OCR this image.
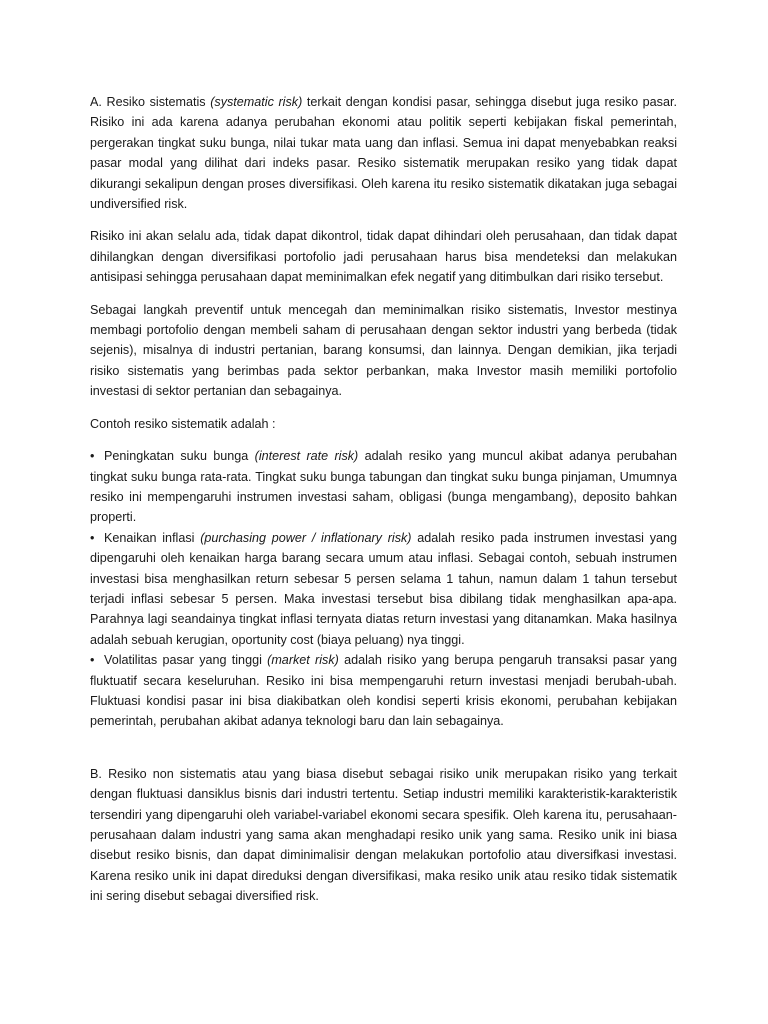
A. Resiko sistematis (systematic risk) terkait dengan kondisi pasar, sehingga disebut juga resiko pasar. Risiko ini ada karena adanya perubahan ekonomi atau politik seperti kebijakan fiskal pemerintah, pergerakan tingkat suku bunga, nilai tukar mata uang dan inflasi. Semua ini dapat menyebabkan reaksi pasar modal yang dilihat dari indeks pasar. Resiko sistematik merupakan resiko yang tidak dapat dikurangi sekalipun dengan proses diversifikasi. Oleh karena itu resiko sistematik dikatakan juga sebagai undiversified risk.

Risiko ini akan selalu ada, tidak dapat dikontrol, tidak dapat dihindari oleh perusahaan, dan tidak dapat dihilangkan dengan diversifikasi portofolio jadi perusahaan harus bisa mendeteksi dan melakukan antisipasi sehingga perusahaan dapat meminimalkan efek negatif yang ditimbulkan dari risiko tersebut.

Sebagai langkah preventif untuk mencegah dan meminimalkan risiko sistematis, Investor mestinya membagi portofolio dengan membeli saham di perusahaan dengan sektor industri yang berbeda (tidak sejenis), misalnya di industri pertanian, barang konsumsi, dan lainnya. Dengan demikian, jika terjadi risiko sistematis yang berimbas pada sektor perbankan, maka Investor masih memiliki portofolio investasi di sektor pertanian dan sebagainya.

Contoh resiko sistematik adalah :

• Peningkatan suku bunga (interest rate risk) adalah resiko yang muncul akibat adanya perubahan tingkat suku bunga rata-rata. Tingkat suku bunga tabungan dan tingkat suku bunga pinjaman, Umumnya resiko ini mempengaruhi instrumen investasi saham, obligasi (bunga mengambang), deposito bahkan properti.

• Kenaikan inflasi (purchasing power / inflationary risk) adalah resiko pada instrumen investasi yang dipengaruhi oleh kenaikan harga barang secara umum atau inflasi. Sebagai contoh, sebuah instrumen investasi bisa menghasilkan return sebesar 5 persen selama 1 tahun, namun dalam 1 tahun tersebut terjadi inflasi sebesar 5 persen. Maka investasi tersebut bisa dibilang tidak menghasilkan apa-apa. Parahnya lagi seandainya tingkat inflasi ternyata diatas return investasi yang ditanamkan. Maka hasilnya adalah sebuah kerugian, oportunity cost (biaya peluang) nya tinggi.

• Volatilitas pasar yang tinggi (market risk) adalah risiko yang berupa pengaruh transaksi pasar yang fluktuatif secara keseluruhan. Resiko ini bisa mempengaruhi return investasi menjadi berubah-ubah. Fluktuasi kondisi pasar ini bisa diakibatkan oleh kondisi seperti krisis ekonomi, perubahan kebijakan pemerintah, perubahan akibat adanya teknologi baru dan lain sebagainya.

B. Resiko non sistematis atau yang biasa disebut sebagai risiko unik merupakan risiko yang terkait dengan fluktuasi dansiklus bisnis dari industri tertentu. Setiap industri memiliki karakteristik-karakteristik tersendiri yang dipengaruhi oleh variabel-variabel ekonomi secara spesifik. Oleh karena itu, perusahaan-perusahaan dalam industri yang sama akan menghadapi resiko unik yang sama. Resiko unik ini biasa disebut resiko bisnis, dan dapat diminimalisir dengan melakukan portofolio atau diversifkasi investasi. Karena resiko unik ini dapat direduksi dengan diversifikasi, maka resiko unik atau resiko tidak sistematik ini sering disebut sebagai diversified risk.
